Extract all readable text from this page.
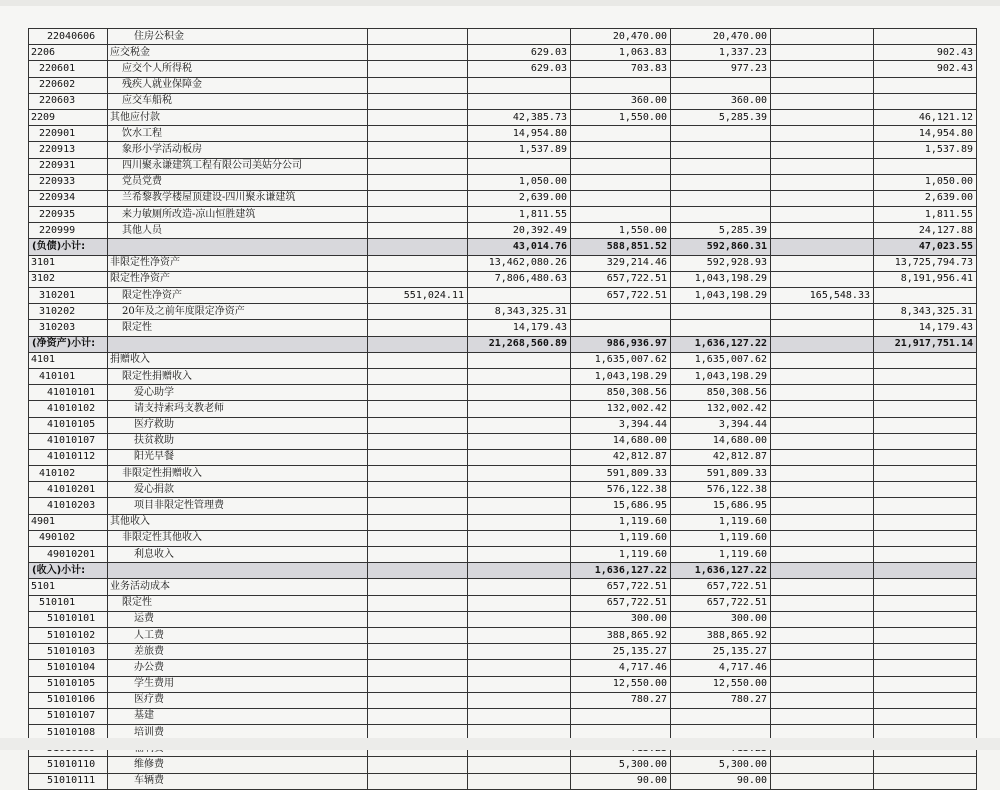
22040606	住房公积金			20,470.00	20,470.00		
2206	应交税金		629.03	1,063.83	1,337.23		902.43
220601	应交个人所得税		629.03	703.83	977.23		902.43
220602	残疾人就业保障金						
220603	应交车船税			360.00	360.00		
2209	其他应付款		42,385.73	1,550.00	5,285.39		46,121.12
220901	饮水工程		14,954.80				14,954.80
220913	象形小学活动板房		1,537.89				1,537.89
220931	四川聚永谦建筑工程有限公司美姑分公司						
220933	党员党费		1,050.00				1,050.00
220934	兰希黎教学楼屋顶建设-四川聚永谦建筑		2,639.00				2,639.00
220935	来力敏厕所改造-凉山恒胜建筑		1,811.55				1,811.55
220999	其他人员		20,392.49	1,550.00	5,285.39		24,127.88
(负债)小计:			43,014.76	588,851.52	592,860.31		47,023.55
3101	非限定性净资产		13,462,080.26	329,214.46	592,928.93		13,725,794.73
3102	限定性净资产		7,806,480.63	657,722.51	1,043,198.29		8,191,956.41
310201	限定性净资产	551,024.11		657,722.51	1,043,198.29	165,548.33	
310202	20年及之前年度限定净资产		8,343,325.31				8,343,325.31
310203	限定性		14,179.43				14,179.43
(净资产)小计:			21,268,560.89	986,936.97	1,636,127.22		21,917,751.14
4101	捐赠收入			1,635,007.62	1,635,007.62		
410101	限定性捐赠收入			1,043,198.29	1,043,198.29		
41010101	爱心助学			850,308.56	850,308.56		
41010102	请支持索玛支教老师			132,002.42	132,002.42		
41010105	医疗救助			3,394.44	3,394.44		
41010107	扶贫救助			14,680.00	14,680.00		
41010112	阳光早餐			42,812.87	42,812.87		
410102	非限定性捐赠收入			591,809.33	591,809.33		
41010201	爱心捐款			576,122.38	576,122.38		
41010203	项目非限定性管理费			15,686.95	15,686.95		
4901	其他收入			1,119.60	1,119.60		
490102	非限定性其他收入			1,119.60	1,119.60		
49010201	利息收入			1,119.60	1,119.60		
(收入)小计:				1,636,127.22	1,636,127.22		
5101	业务活动成本			657,722.51	657,722.51		
510101	限定性			657,722.51	657,722.51		
51010101	运费			300.00	300.00		
51010102	人工费			388,865.92	388,865.92		
51010103	差旅费			25,135.27	25,135.27		
51010104	办公费			4,717.46	4,717.46		
51010105	学生费用			12,550.00	12,550.00		
51010106	医疗费			780.27	780.27		
51010107	基建						
51010108	培训费						

51010110	维修费			5,300.00	5,300.00		
51010111	车辆费			90.00	90.00		
